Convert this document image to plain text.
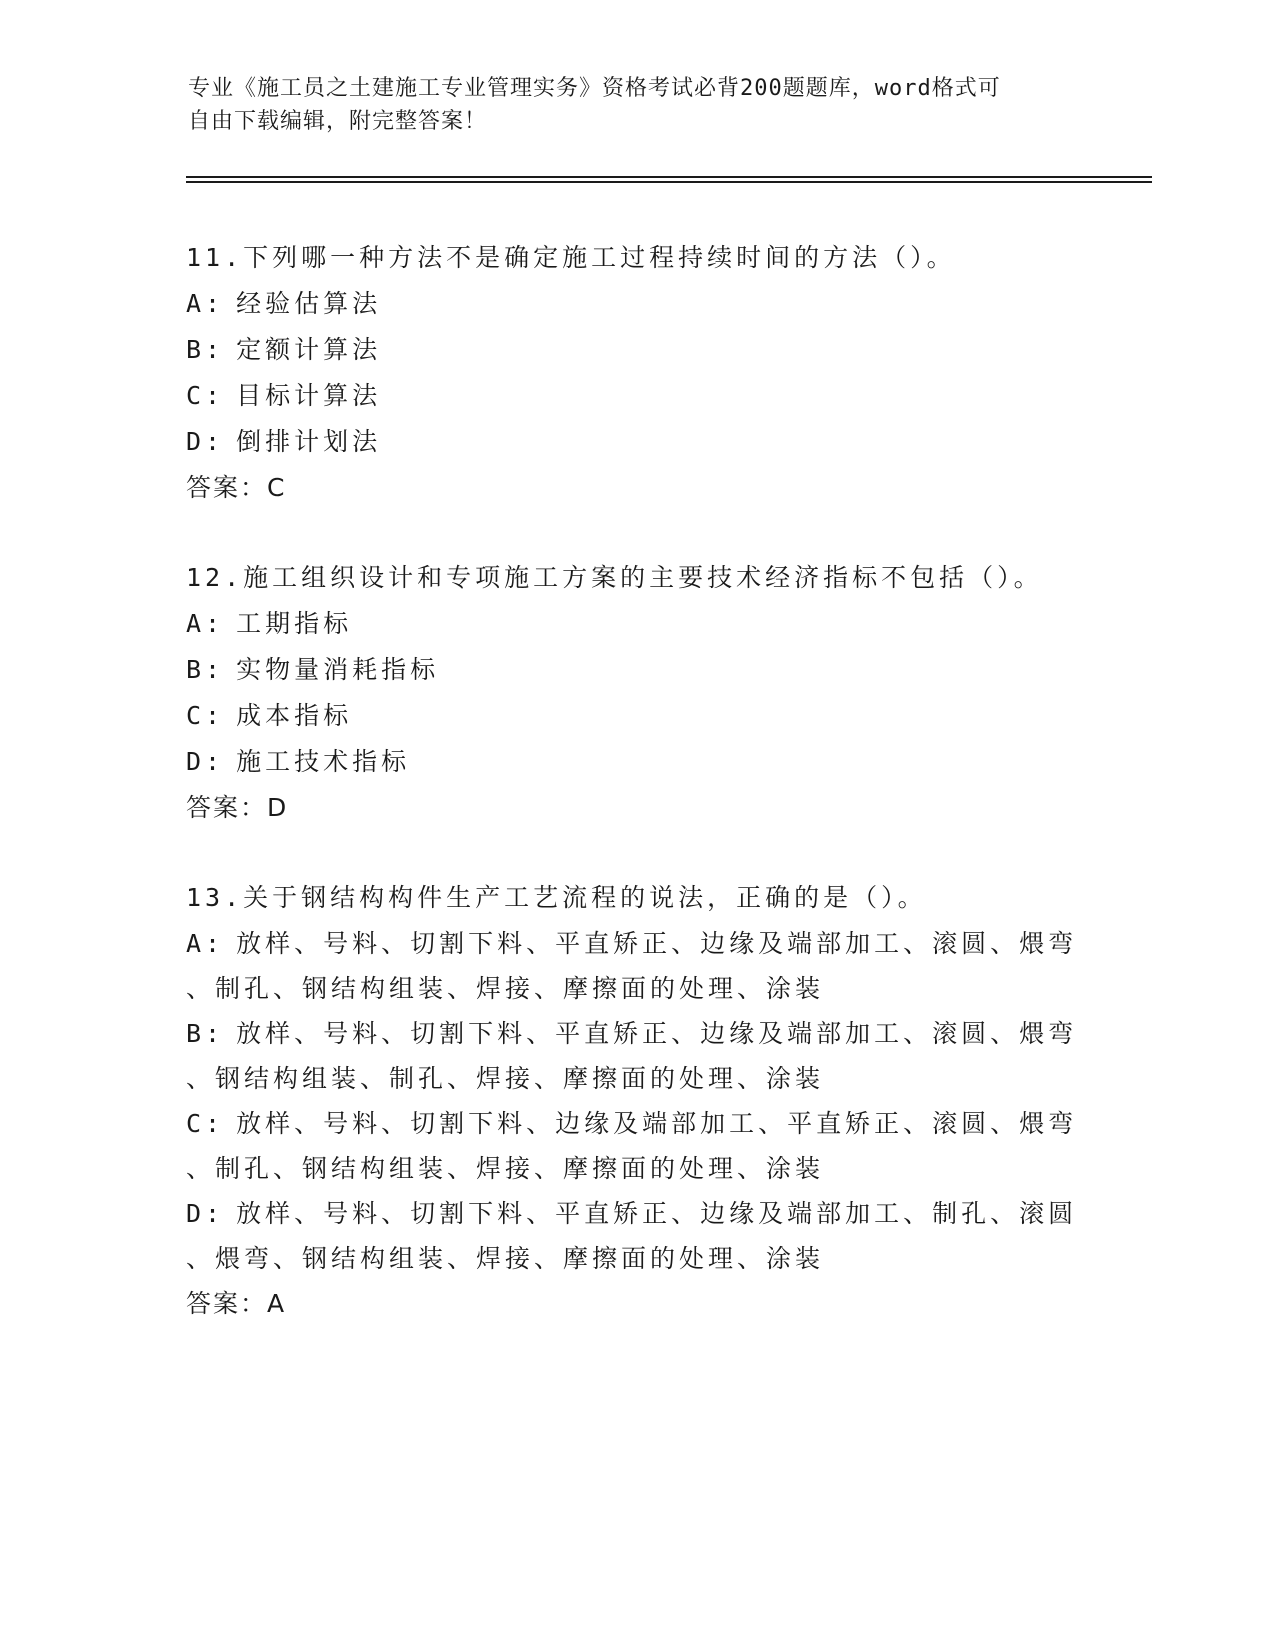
专业《施工员之土建施工专业管理实务》资格考试必背200题题库，word格式可
自由下载编辑，附完整答案！
11.下列哪一种方法不是确定施工过程持续时间的方法（）。
A: 经验估算法
B: 定额计算法
C: 目标计算法
D: 倒排计划法
答案：C
12.施工组织设计和专项施工方案的主要技术经济指标不包括（）。
A: 工期指标
B: 实物量消耗指标
C: 成本指标
D: 施工技术指标
答案：D
13.关于钢结构构件生产工艺流程的说法，正确的是（）。
A: 放样、号料、切割下料、平直矫正、边缘及端部加工、滚圆、煨弯
、制孔、钢结构组装、焊接、摩擦面的处理、涂装
B: 放样、号料、切割下料、平直矫正、边缘及端部加工、滚圆、煨弯
、钢结构组装、制孔、焊接、摩擦面的处理、涂装
C: 放样、号料、切割下料、边缘及端部加工、平直矫正、滚圆、煨弯
、制孔、钢结构组装、焊接、摩擦面的处理、涂装
D: 放样、号料、切割下料、平直矫正、边缘及端部加工、制孔、滚圆
、煨弯、钢结构组装、焊接、摩擦面的处理、涂装
答案：A
